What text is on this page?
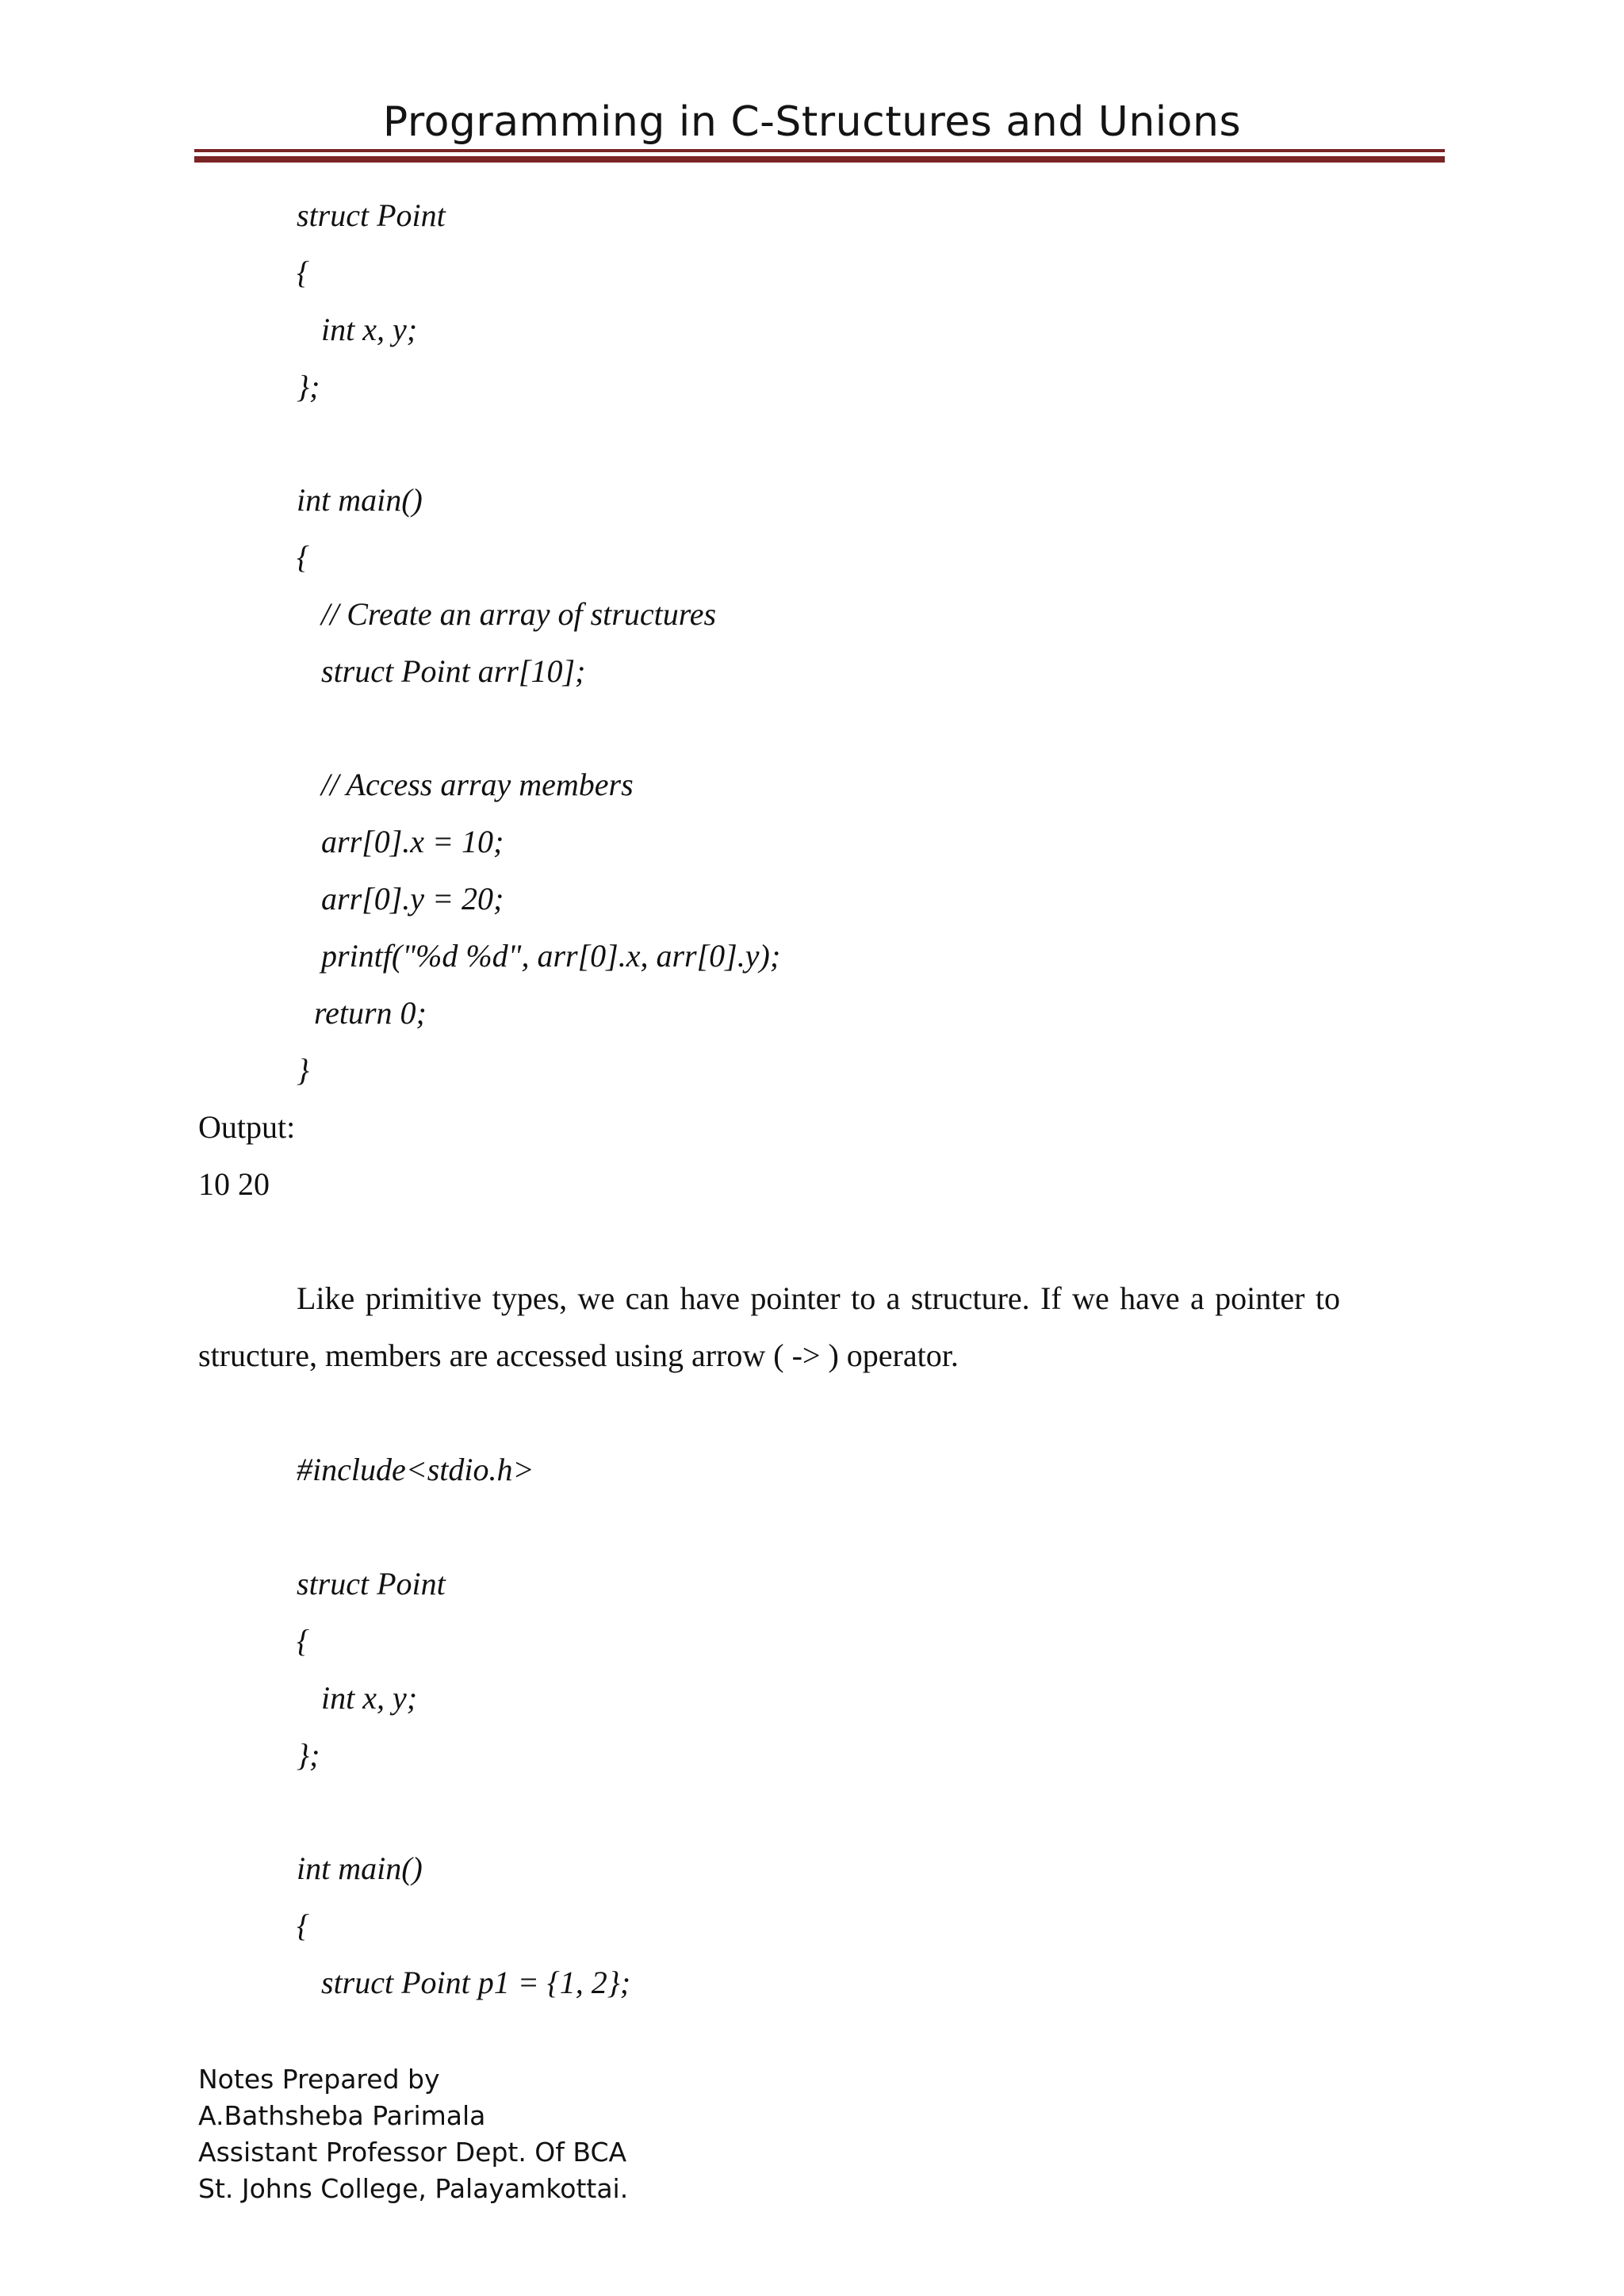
Programming in C-Structures and Unions
struct Point
{
int x, y;
};
int main()
{
// Create an array of structures
struct Point arr[10];
// Access array members
arr[0].x = 10;
arr[0].y = 20;
printf("%d %d", arr[0].x, arr[0].y);
return 0;
}
Output:
10 20
Like primitive types, we can have pointer to a structure. If we have a pointer to
structure, members are accessed using arrow ( -> ) operator.
#include<stdio.h>
struct Point
{
int x, y;
};
int main()
{
struct Point p1 = {1, 2};
Notes Prepared by
A.Bathsheba Parimala
Assistant Professor Dept. Of BCA
St. Johns College, Palayamkottai.
